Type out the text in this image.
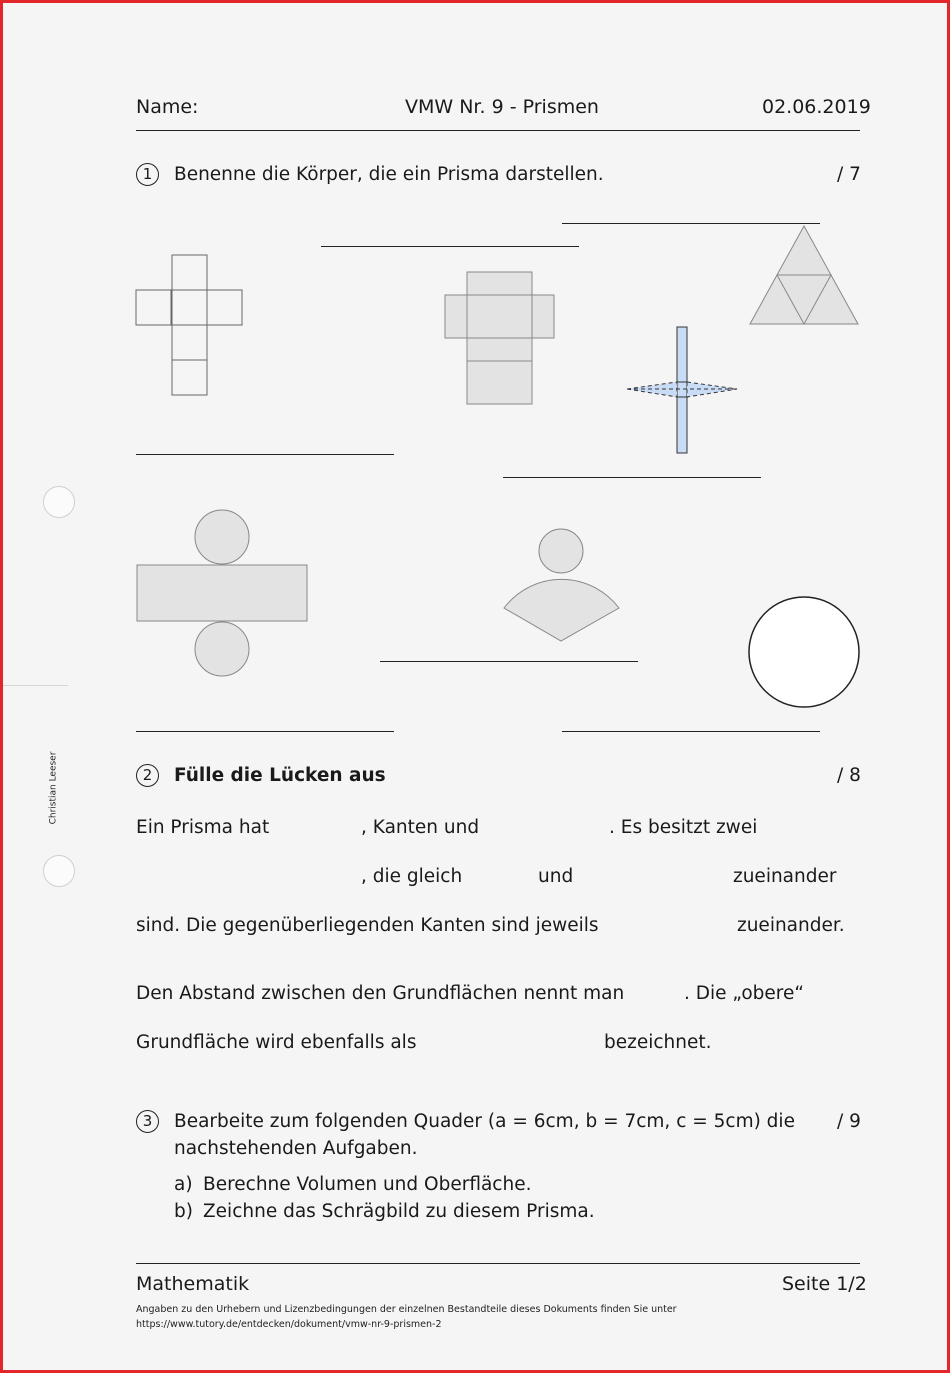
Christian Leeser
Name:	VMW Nr. 9 - Prismen	02.06.2019
1	Benenne die Körper, die ein Prisma darstellen.	/ 7
2	Fülle die Lücken aus	/ 8
Ein Prisma hat	, Kanten und	. Es besitzt zwei
, die gleich	und	zueinander
sind. Die gegenüberliegenden Kanten sind jeweils	zueinander.
Den Abstand zwischen den Grundflächen nennt man	. Die „obere“
Grundfläche wird ebenfalls als	bezeichnet.
3	Bearbeite zum folgenden Quader (a = 6cm, b = 7cm, c = 5cm) die
nachstehenden Aufgaben.
/ 9
a) Berechne Volumen und Oberfläche.
b) Zeichne das Schrägbild zu diesem Prisma.
Mathematik	Seite 1/2
Angaben zu den Urhebern und Lizenzbedingungen der einzelnen Bestandteile dieses Dokuments finden Sie unter
https://www.tutory.de/entdecken/dokument/vmw-nr-9-prismen-2
